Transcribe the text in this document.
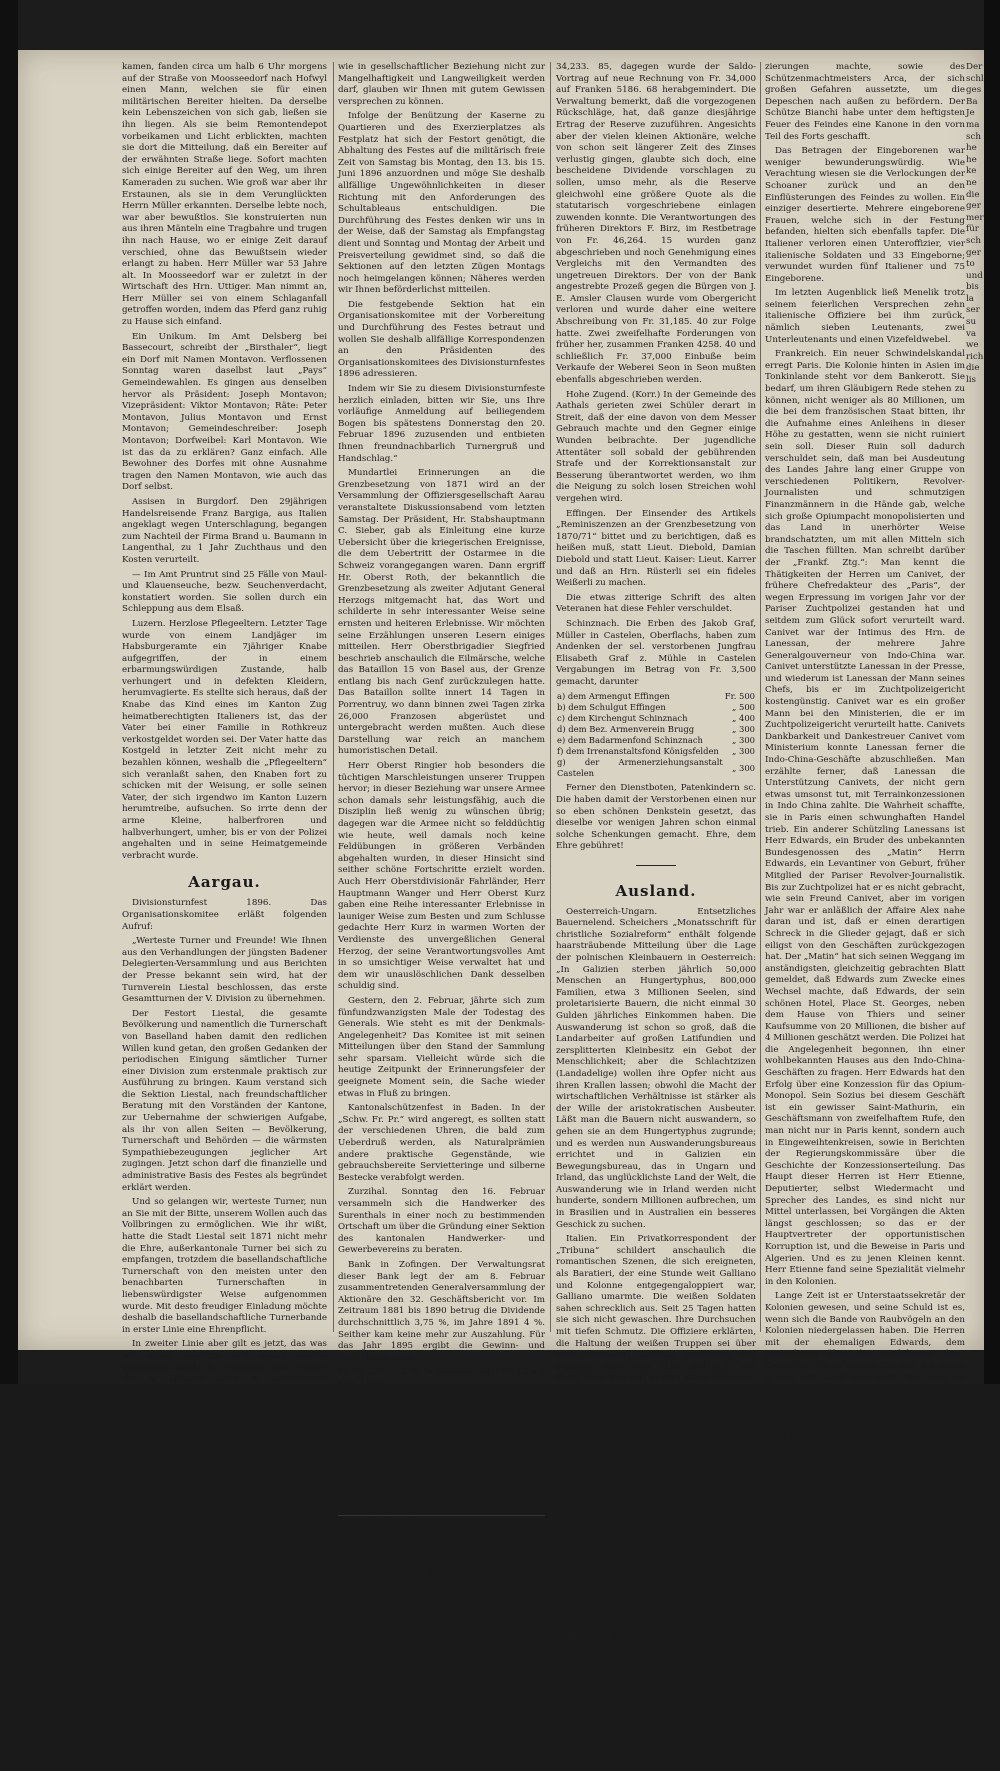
kamen, fanden circa um halb 6 Uhr morgens auf der Straße von Moosseedorf nach Hofwyl einen Mann, welchen sie für einen militärischen Bereiter hielten. Da derselbe kein Lebenszeichen von sich gab, ließen sie ihn liegen. Als sie beim Remontendepot vorbeikamen und Licht erblickten, machten sie dort die Mitteilung, daß ein Bereiter auf der erwähnten Straße liege. Sofort machten sich einige Bereiter auf den Weg, um ihren Kameraden zu suchen. Wie groß war aber ihr Erstaunen, als sie in dem Verunglückten Herrn Müller erkannten. Derselbe lebte noch, war aber bewußtlos. Sie konstruierten nun aus ihren Mänteln eine Tragbahre und trugen ihn nach Hause, wo er einige Zeit darauf verschied, ohne das Bewußtsein wieder erlangt zu haben. Herr Müller war 53 Jahre alt. In Moosseedorf war er zuletzt in der Wirtschaft des Hrn. Uttiger. Man nimmt an, Herr Müller sei von einem Schlaganfall getroffen worden, indem das Pferd ganz ruhig zu Hause sich einfand.

Ein Unikum. Im Amt Delsberg bei Bassecourt, schreibt der „Birsthaler“, liegt ein Dorf mit Namen Montavon. Verflossenen Sonntag waren daselbst laut „Pays“ Gemeindewahlen. Es gingen aus denselben hervor als Präsident: Joseph Montavon; Vizepräsident: Viktor Montavon; Räte: Peter Montavon, Julius Montavon und Ernst Montavon; Gemeindeschreiber: Joseph Montavon; Dorfweibel: Karl Montavon. Wie ist das da zu erklären? Ganz einfach. Alle Bewohner des Dorfes mit ohne Ausnahme tragen den Namen Montavon, wie auch das Dorf selbst.

Assisen in Burgdorf. Den 29jährigen Handelsreisende Franz Bargiga, aus Italien angeklagt wegen Unterschlagung, begangen zum Nachteil der Firma Brand u. Baumann in Langenthal, zu 1 Jahr Zuchthaus und den Kosten verurteilt.

— Im Amt Pruntrut sind 25 Fälle von Maul- und Klauenseuche, bezw. Seuchenverdacht, konstatiert worden. Sie sollen durch ein Schleppung aus dem Elsaß.

Luzern. Herzlose Pflegeeltern. Letzter Tage wurde von einem Landjäger im Habsburgeramte ein 7jähriger Knabe aufgegriffen, der in einem erbarmungswürdigen Zustande, halb verhungert und in defekten Kleidern, herumvagierte. Es stellte sich heraus, daß der Knabe das Kind eines im Kanton Zug heimatberechtigten Italieners ist, das der Vater bei einer Familie in Rothkreuz verkostgeldet worden sei. Der Vater hatte das Kostgeld in letzter Zeit nicht mehr zu bezahlen können, weshalb die „Pflegeeltern“ sich veranlaßt sahen, den Knaben fort zu schicken mit der Weisung, er solle seinen Vater, der sich irgendwo im Kanton Luzern herumtreibe, aufsuchen. So irrte denn der arme Kleine, halberfroren und halbverhungert, umher, bis er von der Polizei angehalten und in seine Heimatgemeinde verbracht wurde.

Aargau.

Divisionsturnfest 1896. Das Organisationskomitee erläßt folgenden Aufruf:

„Werteste Turner und Freunde! Wie Ihnen aus den Verhandlungen der jüngsten Badener Delegierten-Versammlung und aus Berichten der Presse bekannt sein wird, hat der Turnverein Liestal beschlossen, das erste Gesamtturnen der V. Division zu übernehmen.

Der Festort Liestal, die gesamte Bevölkerung und namentlich die Turnerschaft von Baselland haben damit den redlichen Willen kund getan, den großen Gedanken der periodischen Einigung sämtlicher Turner einer Division zum erstenmale praktisch zur Ausführung zu bringen. Kaum verstand sich die Sektion Liestal, nach freundschaftlicher Beratung mit den Vorständen der Kantone, zur Uebernahme der schwierigen Aufgabe, als ihr von allen Seiten — Bevölkerung, Turnerschaft und Behörden — die wärmsten Sympathiebezeugungen jeglicher Art zugingen. Jetzt schon darf die finanzielle und administrative Basis des Festes als begründet erklärt werden.

Und so gelangen wir, werteste Turner, nun an Sie mit der Bitte, unserem Wollen auch das Vollbringen zu ermöglichen. Wie ihr wißt, hatte die Stadt Liestal seit 1871 nicht mehr die Ehre, außerkantonale Turner bei sich zu empfangen, trotzdem die basellandschaftliche Turnerschaft von den meisten unter den benachbarten Turnerschaften in liebenswürdigster Weise aufgenommen wurde. Mit desto freudiger Einladung möchte deshalb die basellandschaftliche Turnerbande in erster Linie eine Ehrenpflicht.

In zweiter Linie aber gilt es jetzt, das was wir längst erstrebt und wofür ehrlich geschaffen wird, die Einigung aller Turner der V. Division auch in turnerischer Beziehung zum glücklichen Ausdruck zu bringen. Auf den gemeinschaftlichen Freundschaftsbesuch am Wiesenberg — Frühjahr 1895 soll nun der frohe Wettkampf zu Liestal folgen.

Es ist daher wo den nächstens folgenden Turnprogrammen ersehen werden, haben wir uns bestrebt, das Fest so viel als bereits gemeinsam ist, das eidgenössische Festreglement, so viel als möglich beizuhalten und demselben nur beizufügen, was der Eigenart der kantonalen Gebräuche angemessen ist, ohne daß es die übrigen abändert.

Dadurch, wie auch durch eine möglichst große Einfachheit des Festwesens, hoffen wir es zu erreichen, daß auch namentlich kleinere Sektionen, denen der Besuch eidgenössischer Turnfeste verwehrt ist, sich einmal bei uns, als kantonalen Boden, mit anderen messen können. Daß die Einfachheit in turnerischer

wie in gesellschaftlicher Beziehung nicht zur Mangelhaftigkeit und Langweiligkeit werden darf, glauben wir Ihnen mit gutem Gewissen versprechen zu können.

Infolge der Benützung der Kaserne zu Quartieren und des Exerzierplatzes als Festplatz hat sich der Festort genötigt, die Abhaltung des Festes auf die militärisch freie Zeit von Samstag bis Montag, den 13. bis 15. Juni 1896 anzuordnen und möge Sie deshalb allfällige Ungewöhnlichkeiten in dieser Richtung mit den Anforderungen des Schultableaus entschuldigen. Die Durchführung des Festes denken wir uns in der Weise, daß der Samstag als Empfangstag dient und Sonntag und Montag der Arbeit und Preisverteilung gewidmet sind, so daß die Sektionen auf den letzten Zügen Montags noch heimgelangen können; Näheres werden wir Ihnen beförderlichst mitteilen.

Die festgebende Sektion hat ein Organisationskomitee mit der Vorbereitung und Durchführung des Festes betraut und wollen Sie deshalb allfällige Korrespondenzen an den Präsidenten des Organisationskomitees des Divisionsturnfestes 1896 adressieren.

Indem wir Sie zu diesem Divisionsturnfeste herzlich einladen, bitten wir Sie, uns Ihre vorläufige Anmeldung auf beiliegendem Bogen bis spätestens Donnerstag den 20. Februar 1896 zuzusenden und entbieten Ihnen freundnachbarlich Turnergruß und Handschlag.“

Mundartlei Erinnerungen an die Grenzbesetzung von 1871 wird an der Versammlung der Offiziersgesellschaft Aarau veranstaltete Diskussionsabend vom letzten Samstag. Der Präsident, Hr. Stabshauptmann C. Sieber, gab als Einleitung eine kurze Uebersicht über die kriegerischen Ereignisse, die dem Uebertritt der Ostarmee in die Schweiz vorangegangen waren. Dann ergriff Hr. Oberst Roth, der bekanntlich die Grenzbesetzung als zweiter Adjutant General Herzogs mitgemacht hat, das Wort und schilderte in sehr interessanter Weise seine ernsten und heiteren Erlebnisse. Wir möchten seine Erzählungen unseren Lesern einiges mitteilen. Herr Oberstbrigadier Siegfried beschrieb anschaulich die Eilmärsche, welche das Bataillon 15 von Basel aus, der Grenze entlang bis nach Genf zurückzulegen hatte. Das Bataillon sollte innert 14 Tagen in Porrentruy, wo dann binnen zwei Tagen zirka 26,000 Franzosen abgerüstet und untergebracht werden mußten. Auch diese Darstellung war reich an manchem humoristischen Detail.

Herr Oberst Ringier hob besonders die tüchtigen Marschleistungen unserer Truppen hervor; in dieser Beziehung war unsere Armee schon damals sehr leistungsfähig, auch die Disziplin ließ wenig zu wünschen übrig; dagegen war die Armee nicht so felddüchtig wie heute, weil damals noch keine Feldübungen in größeren Verbänden abgehalten wurden, in dieser Hinsicht sind seither schöne Fortschritte erzielt worden. Auch Herr Oberstdivisionär Fahrländer, Herr Hauptmann Wanger und Herr Oberst Kurz gaben eine Reihe interessanter Erlebnisse in launiger Weise zum Besten und zum Schlusse gedachte Herr Kurz in warmen Worten der Verdienste des unvergeßlichen General Herzog, der seine Verantwortungsvolles Amt in so umsichtiger Weise verwaltet hat und dem wir unauslöschlichen Dank desselben schuldig sind.

Gestern, den 2. Februar, jährte sich zum fünfundzwanzigsten Male der Todestag des Generals. Wie steht es mit der Denkmals-Angelegenheit? Das Komitee ist mit seinen Mitteilungen über den Stand der Sammlung sehr sparsam. Vielleicht würde sich die heutige Zeitpunkt der Erinnerungsfeier der geeignete Moment sein, die Sache wieder etwas in Fluß zu bringen.

Kantonalschützenfest in Baden. In der „Schw. Fr. Pr.“ wird angeregt, es sollten statt der verschiedenen Uhren, die bald zum Ueberdruß werden, als Naturalprämien andere praktische Gegenstände, wie gebrauchsbereite Servietteringe und silberne Bestecke verabfolgt werden.

Zurzihal. Sonntag den 16. Februar versammeln sich die Handwerker des Surenthals in einer noch zu bestimmenden Ortschaft um über die Gründung einer Sektion des kantonalen Handwerker- und Gewerbevereins zu beraten.

Bank in Zofingen. Der Verwaltungsrat dieser Bank legt der am 8. Februar zusammentretenden Generalversammlung der Aktionäre den 32. Geschäftsbericht vor. Im Zeitraum 1881 bis 1890 betrug die Dividende durchschnittlich 3,75 %, im Jahre 1891 4 %. Seither kam keine mehr zur Auszahlung. Für das Jahr 1895 ergibt die Gewinn- und Verlustrechnung:

Fr. 45,000. — 3 %, Dividenden, oder Fr. 15 auf eine Aktie

	18,813. 32	Verminderung der Reserven
Fr.	26,186. 68	Reingewinn
„	41,273. 52	Verwaltungs- u. Prozeßkosten (Fr. 897. 45)
„	2,353. 35	Steuern
„	72,803. 05	Verluste und Abschreibungen Fr. 120,707. 95, abzüglich Wiedereingänge Fr. 25,161. 25 Cts. und Gewinn auf dem Verkauf eigener Aktien Fr. 22,743. 65
Fr. 142,616. 60		Rohgewinn.

Das ursprüngliche Grundkapital von 2 Mill. Franken wurde im Jahre 1894 auf Fr. 1,700,000 und zufolge Beschluß der Generalversammlung vom 8. August 1895 durch Abschreibung auf 1½ Mill. herabgesetzt. Der Rest der Reserve von Fr. 10,000 betrug der Reservefonds Franken

34,233. 85, dagegen wurde der Saldo-Vortrag auf neue Rechnung von Fr. 34,000 auf Franken 5186. 68 herabgemindert. Die Verwaltung bemerkt, daß die vorgezogenen Rückschläge, hat, daß ganze diesjährige Ertrag der Reserve zuzuführen. Angesichts aber der vielen kleinen Aktionäre, welche von schon seit längerer Zeit des Zinses verlustig gingen, glaubte sich doch, eine bescheidene Dividende vorschlagen zu sollen, umso mehr, als die Reserve gleichwohl eine größere Quote als die statutarisch vorgeschriebene einlagen zuwenden konnte. Die Verantwortungen des früheren Direktors F. Birz, im Restbetrage von Fr. 46,264. 15 wurden ganz abgeschrieben und noch Genehmigung eines Vergleichs mit den Vermandten des ungetreuen Direktors. Der von der Bank angestrebte Prozeß gegen die Bürgen von J. E. Amsler Clausen wurde vom Obergericht verloren und wurde daher eine weitere Abschreibung von Fr. 31,185. 40 zur Folge hatte. Zwei zweifelhafte Forderungen von früher her, zusammen Franken 4258. 40 und schließlich Fr. 37,000 Einbuße beim Verkaufe der Weberei Seon in Seon mußten ebenfalls abgeschrieben werden.

Hohe Zugend. (Korr.) In der Gemeinde des Aathals gerieten zwei Schüler derart in Streit, daß der eine davon von dem Messer Gebrauch machte und den Gegner einige Wunden beibrachte. Der jugendliche Attentäter soll sobald der gebührenden Strafe und der Korrektionsanstalt zur Besserung überantwortet werden, wo ihm die Neigung zu solch losen Streichen wohl vergehen wird.

Effingen. Der Einsender des Artikels „Reminiszenzen an der Grenzbesetzung von 1870/71“ bittet und zu berichtigen, daß es heißen muß, statt Lieut. Diebold, Damian Diebold und statt Lieut. Kaiser: Lieut. Karrer und daß an Hrn. Rüsterli sei ein fideles Weißerli zu machen.

Die etwas zitterige Schrift des alten Veteranen hat diese Fehler verschuldet.

Schinznach. Die Erben des Jakob Graf, Müller in Castelen, Oberflachs, haben zum Andenken der sel. verstorbenen Jungfrau Elisabeth Graf z. Mühle in Castelen Vergabungen im Betrag von Fr. 3,500 gemacht, darunter

a) dem Armengut Effingen	Fr. 500
b) dem Schulgut Effingen	„ 500
c) dem Kirchengut Schinznach	„ 400
d) dem Bez. Armenverein Brugg	„ 300
e) dem Badarmenfond Schinznach	„ 300
f) dem Irrenanstaltsfond Königsfelden	„ 300
g) der Armenerziehungsanstalt Castelen	„ 300

Ferner den Dienstboten, Patenkindern sc. Die haben damit der Verstorbenen einen nur so eben schönen Denkstein gesetzt, das dieselbe vor wenigen Jahren schon einmal solche Schenkungen gemacht. Ehre, dem Ehre gebühret!

Ausland.

Oesterreich-Ungarn. Entsetzliches Bauernelend. Scheichers „Monatsschrift für christliche Sozialreform“ enthält folgende haarsträubende Mitteilung über die Lage der polnischen Kleinbauern in Oesterreich: „In Galizien sterben jährlich 50,000 Menschen an Hungertyphus, 800,000 Familien, etwa 3 Millionen Seelen, sind proletarisierte Bauern, die nicht einmal 30 Gulden jährliches Einkommen haben. Die Auswanderung ist schon so groß, daß die Landarbeiter auf großen Latifundien und zersplitterten Kleinbesitz ein Gebot der Menschlichkeit; aber die Schlachtzizen (Landadelige) wollen ihre Opfer nicht aus ihren Krallen lassen; obwohl die Macht der wirtschaftlichen Verhältnisse ist stärker als der Wille der aristokratischen Ausbeuter. Läßt man die Bauern nicht auswandern, so gehen sie an dem Hungertyphus zugrunde; und es werden nun Auswanderungsbureaus errichtet und in Galizien ein Bewegungsbureau, das in Ungarn und Irland, das unglücklichste Land der Welt, die Auswanderung wie in Irland werden nicht hunderte, sondern Millionen aufbrechen, um in Brasilien und in Australien ein besseres Geschick zu suchen.

Italien. Ein Privatkorrespondent der „Tribuna“ schildert anschaulich die romantischen Szenen, die sich ereigneten, als Baratieri, der eine Stunde weit Galliano und Kolonne entgegengaloppiert war, Galliano umarmte. Die weißen Soldaten sahen schrecklich aus. Seit 25 Tagen hatten sie sich nicht gewaschen. Ihre Durchsuchen mit tiefen Schmutz. Die Offiziere erklärten, die Haltung der weißen Truppen sei über alles lobenswert. Galliano versicherte, daß Menelik dem von ihm während der Belagerung das Fort in die Luft zu sprengen. Menelik war entschlossen, Galliano nicht auszuliefern; erst nach langer Besprechung durch Felter und Makonnen gelang er. Menelik mußte mehr der Augenblick, als die Geretteten im Lager anlangen, wo in den Klängen des Präsentiermarsches die ganzen italienischen Truppen, die Spalier bildeten, vorbeizogen. Die Askaris marschierten mit großem Jubel vorbei.

— Eine Depesche aus Adagamus meldet folgende Einzelheiten: Oberstleutenant Galliano erklärt, die Haltung von Offizieren und Soldaten in Makalle sei bewunderungswürdig gewesen. Die Offiziere hätten gewetteifert in Disziplin. Kapitän Benacci habe mit bemerkenswert Wasser verteilt. Verwaltungsleutenant Guifi mit größter Kühnheit nächtliche Ausfälle gemacht, um Lebensmittel und Futter herbeizuschaffen. Die Leutenants Moltedo und Franconi hätten die Artillerie bewunderungswürdig geleitet. Telegraph hätte die größten Anstrengungen mit Geduldertragen, so Lehrern und Ventuerie gebraucht, sich dabei bloßgestellt; als der Regel, da und Stoß der Bereitschaft im Feuer; die Elefanten und Schützen wären, eine besonders Zusammenschlingung gemacht. Die italienischen Soldaten bewiesen größten Mut und unerwartete Abhärtung. Besonders ausgezeichnet haben sich der Fourier Corbonet, der werbvolle Rekognos-

zierungen machte, sowie des Schützenmachtmeisters Arca, der sich großen Gefahren aussetzte, um die Depeschen nach außen zu befördern. Der Schütze Bianchi habe unter dem heftigsten Feuer des Feindes eine Kanone in den vorn Teil des Forts geschafft.

Das Betragen der Eingeborenen war weniger bewunderungswürdig. Wie Verachtung wiesen sie die Verlockungen der Schoaner zurück und an den Einflüsterungen des Feindes zu wollen. Ein einziger desertierte. Mehrere eingeborene Frauen, welche sich in der Festung befanden, hielten sich ebenfalls tapfer. Die Italiener verloren einen Unteroffizier, vier italienische Soldaten und 33 Eingeborne; verwundet wurden fünf Italiener und 75 Eingeborene.

Im letzten Augenblick ließ Menelik trotz seinem feierlichen Versprechen zehn italienische Offiziere bei ihm zurück, nämlich sieben Leutenants, zwei Unterleutenants und einen Vizefeldwebel.

Frankreich. Ein neuer Schwindelskandal erregt Paris. Die Kolonie hinten in Asien im Tonkinlande steht vor dem Bankerott. Sie bedarf, um ihren Gläubigern Rede stehen zu können, nicht weniger als 80 Millionen, um die bei dem französischen Staat bitten, ihr die Aufnahme eines Anleihens in dieser Höhe zu gestatten, wenn sie nicht ruiniert sein soll. Dieser Ruin soll dadurch verschuldet sein, daß man bei Ausdeutung des Landes Jahre lang einer Gruppe von verschiedenen Politikern, Revolver-Journalisten und schmutzigen Finanzmännern in die Hände gab, welche sich große Opiumpacht monopolisierten und das Land in unerhörter Weise brandschatzten, um mit allen Mitteln sich die Taschen füllten. Man schreibt darüber der „Frankf. Ztg.“: Man kennt die Thätigkeiten der Herren um Canivet, der frühere Chefredakteur des „Paris“, der wegen Erpressung im vorigen Jahr vor der Pariser Zuchtpolizei gestanden hat und seitdem zum Glück sofort verurteilt ward. Canivet war der Intimus des Hrn. de Lanessan, der mehrere Jahre Generalgouverneur von Indo-China war. Canivet unterstützte Lanessan in der Presse, und wiederum ist Lanessan der Mann seines Chefs, bis er im Zuchtpolizeigericht kostengünstig. Canivet war es ein großer Mann bei den Ministerien, die er im Zuchtpolizeigericht verurteilt hatte. Canivets Dankbarkeit und Dankestreuer Canivet vom Ministerium konnte Lanessan ferner die Indo-China-Geschäfte abzuschließen. Man erzählte ferner, daß Lanessan die Unterstützung Canivets, der nicht gern etwas umsonst tut, mit Terrainkonzessionen in Indo China zahlte. Die Wahrheit schaffte, sie in Paris einen schwunghaften Handel trieb. Ein anderer Schützling Lanessans ist Herr Edwards, ein Bruder des unbekannten Bundesgenossen des „Matin“ Herrn Edwards, ein Levantiner von Geburt, früher Mitglied der Pariser Revolver-Journalistik. Bis zur Zuchtpolizei hat er es nicht gebracht, wie sein Freund Canivet, aber im vorigen Jahr war er anläßlich der Affaire Alex nahe daran und ist, daß er einen derartigen Schreck in die Glieder gejagt, daß er sich eiligst von den Geschäften zurückgezogen hat. Der „Matin“ hat sich seinen Weggang im anständigsten, gleichzeitig gebrachten Blatt gemeldet, daß Edwards zum Zwecke eines Wechsel machte, daß Edwards, der sein schönen Hotel, Place St. Georges, neben dem Hause von Thiers und seiner Kaufsumme von 20 Millionen, die bisher auf 4 Millionen geschätzt werden. Die Polizei hat die Angelegenheit begonnen, ihn einer wohlbekannten Hauses aus den Indo-China-Geschäften zu fragen. Herr Edwards hat den Erfolg über eine Konzession für das Opium-Monopol. Sein Sozius bei diesem Geschäft ist ein gewisser Saint-Mathurin, ein Geschäftsmann von zweifelhaftem Rufe, den man nicht nur in Paris kennt, sondern auch in Eingeweihtenkreisen, sowie in Berichten der Regierungskommissäre über die Geschichte der Konzessionserteilung. Das Haupt dieser Herren ist Herr Etienne, Deputierter, selbst Wiedermacht und Sprecher des Landes, es sind nicht nur Mittel unterlassen, bei Vorgängen die Akten längst geschlossen; so das er der Hauptvertreter der opportunistischen Korruption ist, und die Beweise in Paris und Algerien. Und es zu jenen Kleinen kennt. Herr Etienne fand seine Spezialität vielmehr in den Kolonien.

Lange Zeit ist er Unterstaatssekretär der Kolonien gewesen, und seine Schuld ist es, wenn sich die Bande von Raubvögeln an den Kolonien niedergelassen haben. Die Herren mit der ehemaligen Edwards, dem Journalisten über die Ausdehnung ihrer Geschäfte. Ob er seinen Teil von der Beute gehabt hat, weiß man nicht. Wie sich die Geschichte des Landes zu den Unternehmungen der Stunde nicht in Anspruch. Man erkennt von sich bei Energielosigkeit oder Pflichtvergessenheit ermöglicht, als Minister Lanessan mit Hrn. Lanessan Kolonie zu verwalten.

Transvaal. Ueber das Gefecht bei Krügersdorp werden jetzt endlich in einer Buren-Zeitung nähere Einzelheiten mitgeteilt. Es wird dort berichtet: Am frühen Morgen des 1. Januar tauchten, gleich einem Schwarm Heuschrecken, ganz plötzlich einige hundert Reiter unter Feldkornet Trichardt in Prätoria auf. Jeder zehn Stunden lang hatten sie im Sattel gesessen auf ihren kleinen, struppigen Pferdchen und wollten nur kurze Rast halten. Bärenkerle diese Wildelburgers! Greise von 70

Der
schl
ges
Ba
Je
ma
sch
he
he
ke
ne
die
ger
mer
für
sch
ger
to
und
bis
la
ser
su
va
we
rich
die
lis
